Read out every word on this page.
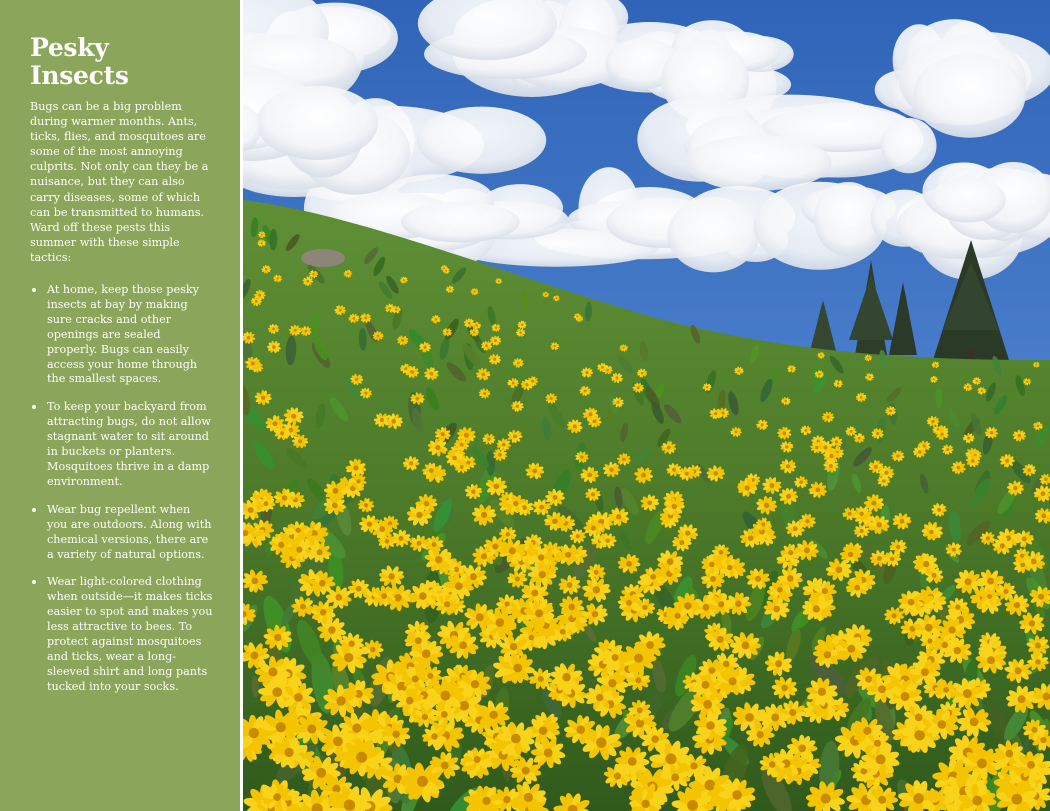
Pesky Insects

Bugs can be a big problem during warmer months. Ants, ticks, flies, and mosquitoes are some of the most annoying culprits. Not only can they be a nuisance, but they can also carry diseases, some of which can be transmitted to humans. Ward off these pests this summer with these simple tactics:

At home, keep those pesky insects at bay by making sure cracks and other openings are sealed properly. Bugs can easily access your home through the smallest spaces.
To keep your backyard from attracting bugs, do not allow stagnant water to sit around in buckets or planters. Mosquitoes thrive in a damp environment.
Wear bug repellent when you are outdoors. Along with chemical versions, there are a variety of natural options.
Wear light-colored clothing when outside—it makes ticks easier to spot and makes you less attractive to bees. To protect against mosquitoes and ticks, wear a long-sleeved shirt and long pants tucked into your socks.
